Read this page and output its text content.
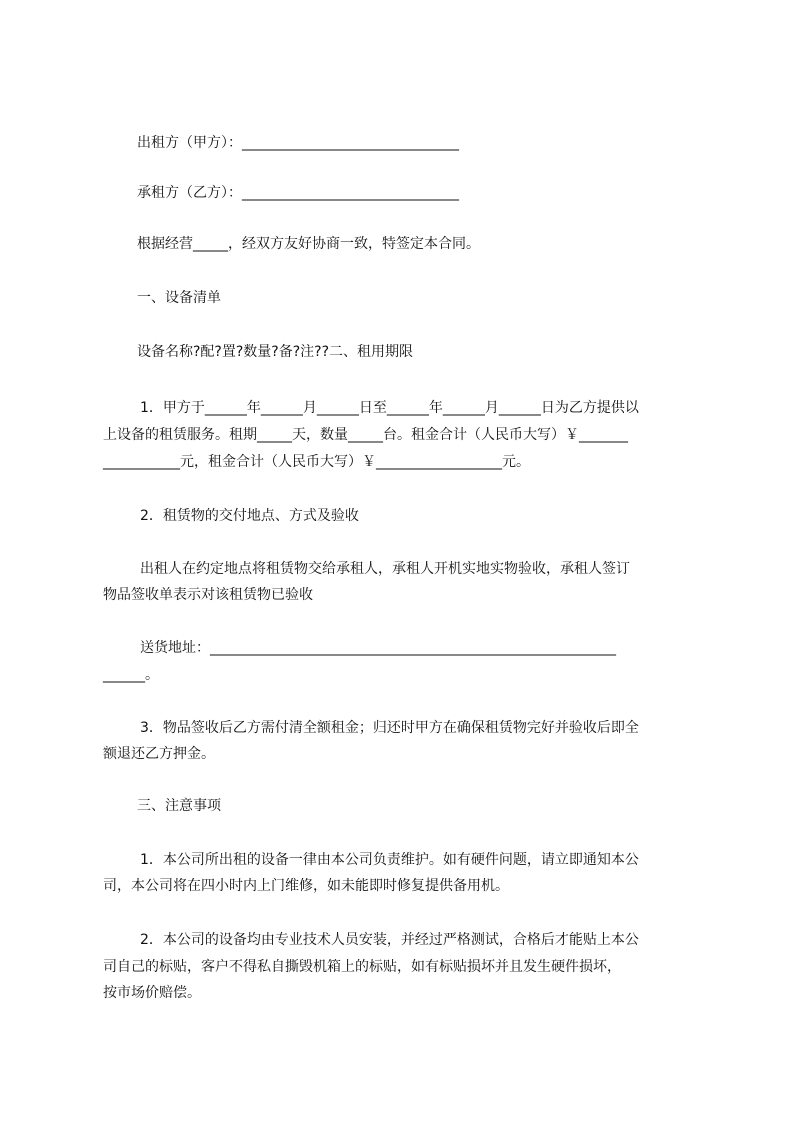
出租方（甲方）：_______________________________
承租方（乙方）：_______________________________
根据经营_____，经双方友好协商一致，特签定本合同。
一、设备清单
设备名称?配?置?数量?备?注??二、租用期限
1．甲方于______年______月______日至______年______月______日为乙方提供以
上设备的租赁服务。租期_____天，数量_____台。租金合计（人民币大写）￥_______
___________元，租金合计（人民币大写）￥__________________元。
2．租赁物的交付地点、方式及验收
出租人在约定地点将租赁物交给承租人，承租人开机实地实物验收，承租人签订
物品签收单表示对该租赁物已验收
送货地址：__________________________________________________________
______。
3．物品签收后乙方需付清全额租金；归还时甲方在确保租赁物完好并验收后即全
额退还乙方押金。
三、注意事项
1．本公司所出租的设备一律由本公司负责维护。如有硬件问题，请立即通知本公
司，本公司将在四小时内上门维修，如未能即时修复提供备用机。
2．本公司的设备均由专业技术人员安装，并经过严格测试，合格后才能贴上本公
司自己的标贴，客户不得私自撕毁机箱上的标贴，如有标贴损坏并且发生硬件损坏，
按市场价赔偿。
